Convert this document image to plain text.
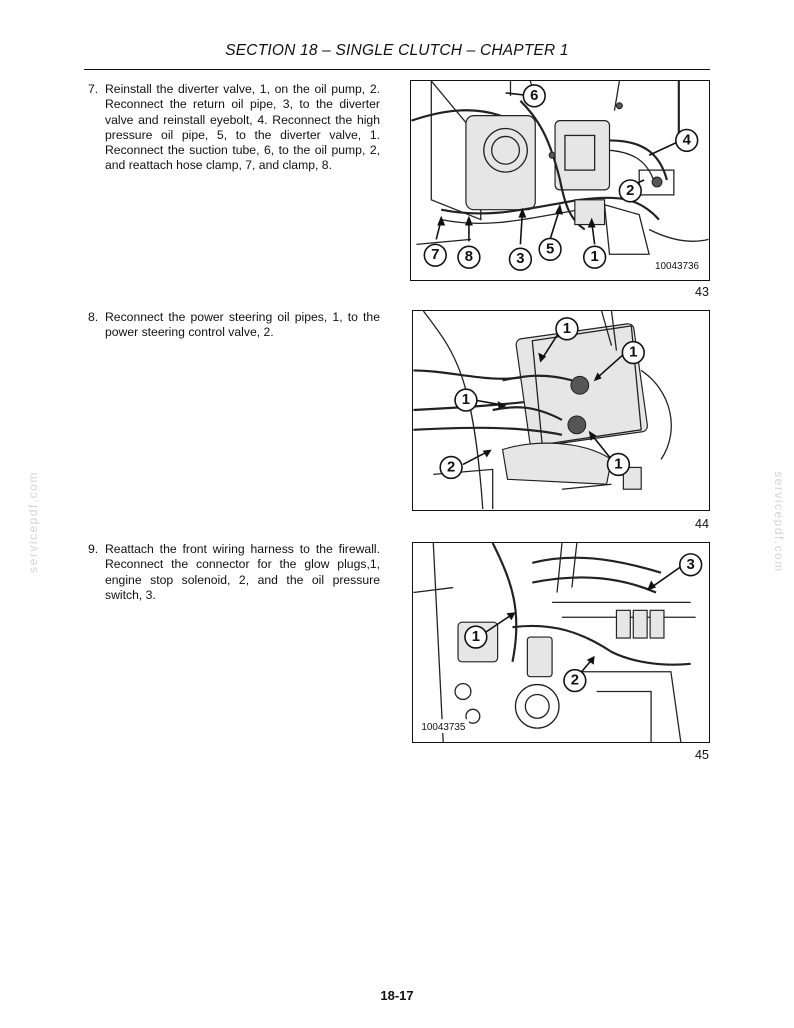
SECTION 18 – SINGLE CLUTCH – CHAPTER 1
7. Reinstall the diverter valve, 1, on the oil pump, 2. Reconnect the return oil pipe, 3, to the diverter valve and reinstall eyebolt, 4. Reconnect the high pressure oil pipe, 5, to the diverter valve, 1. Reconnect the suction tube, 6, to the oil pump, 2, and reattach hose clamp, 7, and clamp, 8.
6
4
2
7 8	3
5 1
10043736
43
8. Reconnect the power steering oil pipes, 1, to the power steering control valve, 2.	1
1
1
2	1
44
9. Reattach the front wiring harness to the firewall. Reconnect the connector for the glow plugs,1, engine stop solenoid, 2, and the oil pressure switch, 3.
3
1
2
10043735
45
servicepdf.com	servicepdf.com
18-17
